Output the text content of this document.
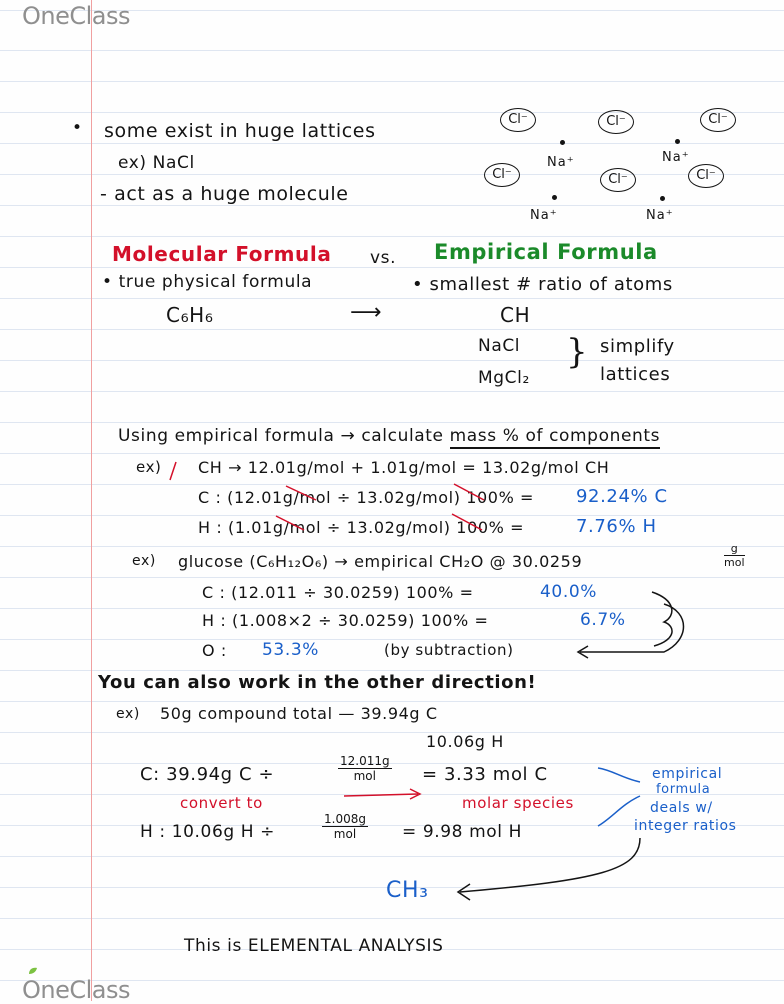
OneClass
• some exist in huge lattices
ex) NaCl
- act as a huge molecule
Cl⁻	Cl⁻	Cl⁻
Cl⁻	Cl⁻	Cl⁻
Na⁺	Na⁺
Na⁺	Na⁺
Molecular Formula vs. Empirical Formula
• true physical formula	• smallest # ratio of atoms
C₆H₆	⟶	CH
NaCl
MgCl₂
} simplify
lattices
Using empirical formula → calculate mass % of components
ex) CH → 12.01g/mol + 1.01g/mol = 13.02g/mol CH
C : (12.01g/mol ÷ 13.02g/mol) 100% = 92.24% C
H : (1.01g/mol ÷ 13.02g/mol) 100% =	7.76% H
ex) glucose (C₆H₁₂O₆) → empirical CH₂O @ 30.0259
g
mol
C : (12.011 ÷ 30.0259) 100% =	40.0%
H : (1.008×2 ÷ 30.0259) 100% =	6.7%
O : 53.3%	(by subtraction)
You can also work in the other direction!
ex) 50g compound total — 39.94g C
10.06g H
C: 39.94g C ÷
12.011g
mol	= 3.33 mol C
convert to	molar species
H : 10.06g H ÷
1.008g
mol	= 9.98 mol H
empirical
formula
deals w/
integer ratios
CH₃
This is ELEMENTAL ANALYSIS
OneClass
